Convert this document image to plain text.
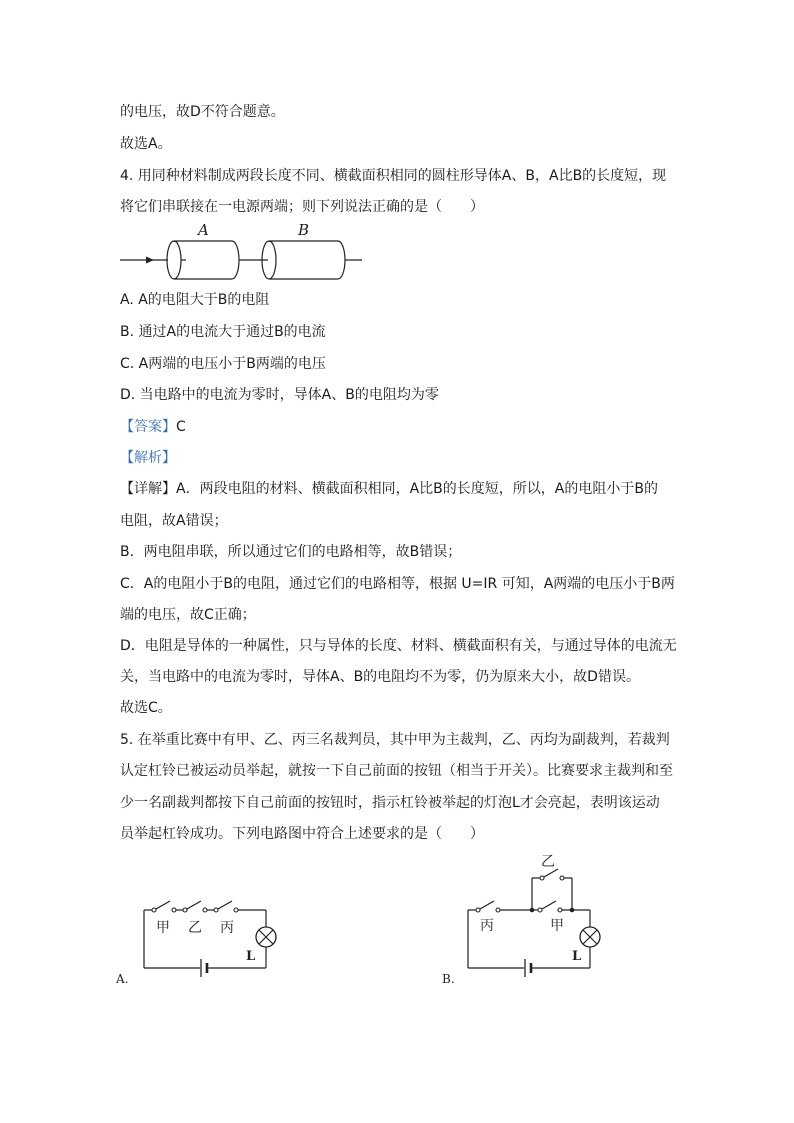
的电压，故D不符合题意。
故选A。
4. 用同种材料制成两段长度不同、横截面积相同的圆柱形导体A、B，A比B的长度短，现
将它们串联接在一电源两端；则下列说法正确的是（　　）
A	B
A. A的电阻大于B的电阻
B. 通过A的电流大于通过B的电流
C. A两端的电压小于B两端的电压
D. 当电路中的电流为零时，导体A、B的电阻均为零
【答案】C
【解析】
【详解】A．两段电阻的材料、横截面积相同，A比B的长度短，所以，A的电阻小于B的
电阻，故A错误；
B．两电阻串联，所以通过它们的电路相等，故B错误；
C．A的电阻小于B的电阻，通过它们的电路相等，根据 U=IR 可知，A两端的电压小于B两
端的电压，故C正确；
D．电阻是导体的一种属性，只与导体的长度、材料、横截面积有关，与通过导体的电流无
关，当电路中的电流为零时，导体A、B的电阻均不为零，仍为原来大小，故D错误。
故选C。
5. 在举重比赛中有甲、乙、丙三名裁判员，其中甲为主裁判，乙、丙均为副裁判，若裁判
认定杠铃已被运动员举起，就按一下自己前面的按钮（相当于开关）。比赛要求主裁判和至
少一名副裁判都按下自己前面的按钮时，指示杠铃被举起的灯泡L才会亮起，表明该运动
员举起杠铃成功。下列电路图中符合上述要求的是（　　）
A.
甲 乙 丙
L
B.
乙
丙	甲
L
